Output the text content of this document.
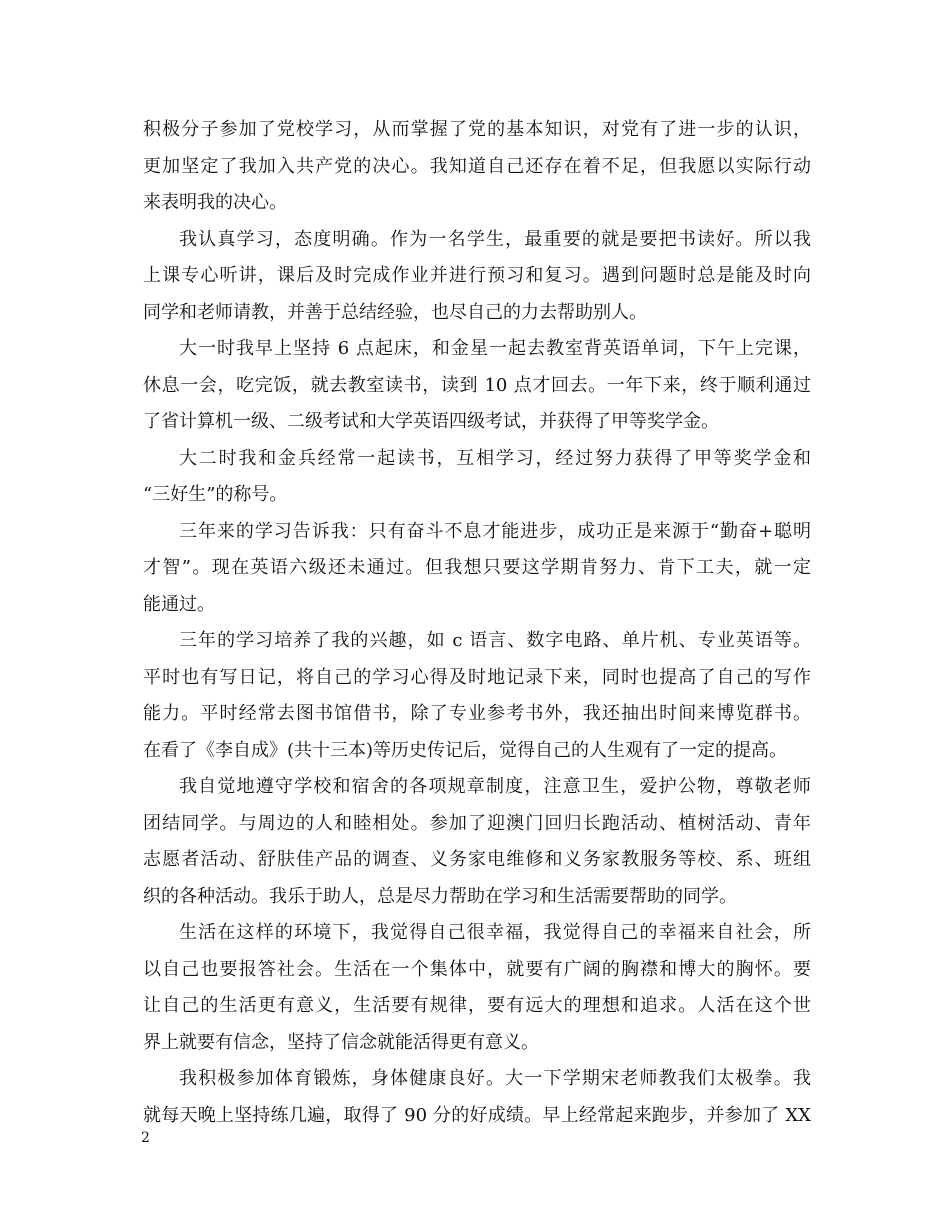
积极分子参加了党校学习，从而掌握了党的基本知识，对党有了进一步的认识，
更加坚定了我加入共产党的决心。我知道自己还存在着不足，但我愿以实际行动
来表明我的决心。
我认真学习，态度明确。作为一名学生，最重要的就是要把书读好。所以我
上课专心听讲，课后及时完成作业并进行预习和复习。遇到问题时总是能及时向
同学和老师请教，并善于总结经验，也尽自己的力去帮助别人。
大一时我早上坚持 6 点起床，和金星一起去教室背英语单词，下午上完课，
休息一会，吃完饭，就去教室读书，读到 10 点才回去。一年下来，终于顺利通过
了省计算机一级、二级考试和大学英语四级考试，并获得了甲等奖学金。
大二时我和金兵经常一起读书，互相学习，经过努力获得了甲等奖学金和
“三好生”的称号。
三年来的学习告诉我：只有奋斗不息才能进步，成功正是来源于“勤奋+聪明
才智”。现在英语六级还未通过。但我想只要这学期肯努力、肯下工夫，就一定
能通过。
三年的学习培养了我的兴趣，如 c 语言、数字电路、单片机、专业英语等。
平时也有写日记，将自己的学习心得及时地记录下来，同时也提高了自己的写作
能力。平时经常去图书馆借书，除了专业参考书外，我还抽出时间来博览群书。
在看了《李自成》(共十三本)等历史传记后，觉得自己的人生观有了一定的提高。
我自觉地遵守学校和宿舍的各项规章制度，注意卫生，爱护公物，尊敬老师
团结同学。与周边的人和睦相处。参加了迎澳门回归长跑活动、植树活动、青年
志愿者活动、舒肤佳产品的调查、义务家电维修和义务家教服务等校、系、班组
织的各种活动。我乐于助人，总是尽力帮助在学习和生活需要帮助的同学。
生活在这样的环境下，我觉得自己很幸福，我觉得自己的幸福来自社会，所
以自己也要报答社会。生活在一个集体中，就要有广阔的胸襟和博大的胸怀。要
让自己的生活更有意义，生活要有规律，要有远大的理想和追求。人活在这个世
界上就要有信念，坚持了信念就能活得更有意义。
我积极参加体育锻炼，身体健康良好。大一下学期宋老师教我们太极拳。我
就每天晚上坚持练几遍，取得了 90 分的好成绩。早上经常起来跑步，并参加了 XX
2
